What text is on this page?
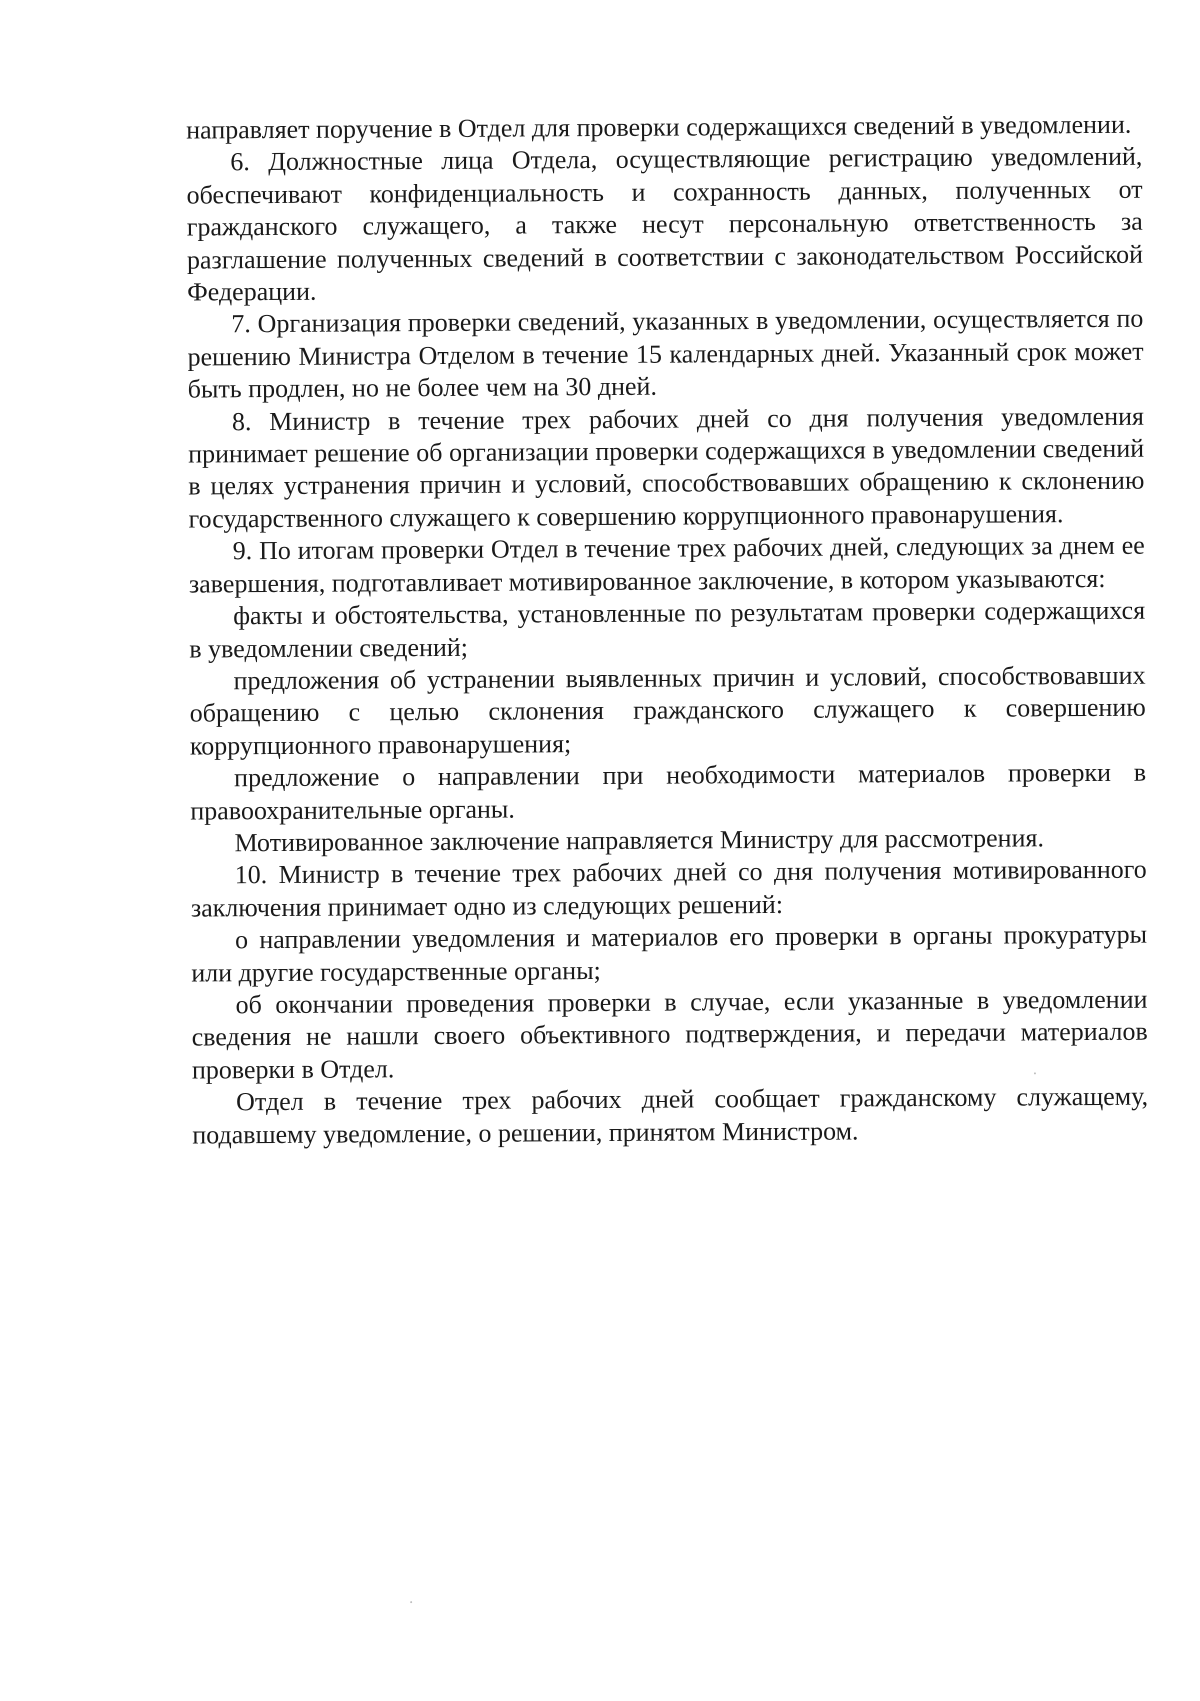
направляет поручение в Отдел для проверки содержащихся сведений в уведомлении.

6. Должностные лица Отдела, осуществляющие регистрацию уведомлений, обеспечивают конфиденциальность и сохранность данных, полученных от гражданского служащего, а также несут персональную ответственность за разглашение полученных сведений в соответствии с законодательством Российской Федерации.

7. Организация проверки сведений, указанных в уведомлении, осуществляется по решению Министра Отделом в течение 15 календарных дней. Указанный срок может быть продлен, но не более чем на 30 дней.

8. Министр в течение трех рабочих дней со дня получения уведомления принимает решение об организации проверки содержащихся в уведомлении сведений в целях устранения причин и условий, способствовавших обращению к склонению государственного служащего к совершению коррупционного правонарушения.

9. По итогам проверки Отдел в течение трех рабочих дней, следующих за днем ее завершения, подготавливает мотивированное заключение, в котором указываются:

факты и обстоятельства, установленные по результатам проверки содержащихся в уведомлении сведений;

предложения об устранении выявленных причин и условий, способствовавших обращению с целью склонения гражданского служащего к совершению коррупционного правонарушения;

предложение о направлении при необходимости материалов проверки в правоохранительные органы.

Мотивированное заключение направляется Министру для рассмотрения.

10. Министр в течение трех рабочих дней со дня получения мотивированного заключения принимает одно из следующих решений:

о направлении уведомления и материалов его проверки в органы прокуратуры или другие государственные органы;

об окончании проведения проверки в случае, если указанные в уведомлении сведения не нашли своего объективного подтверждения, и передачи материалов проверки в Отдел.

Отдел в течение трех рабочих дней сообщает гражданскому служащему, подавшему уведомление, о решении, принятом Министром.
